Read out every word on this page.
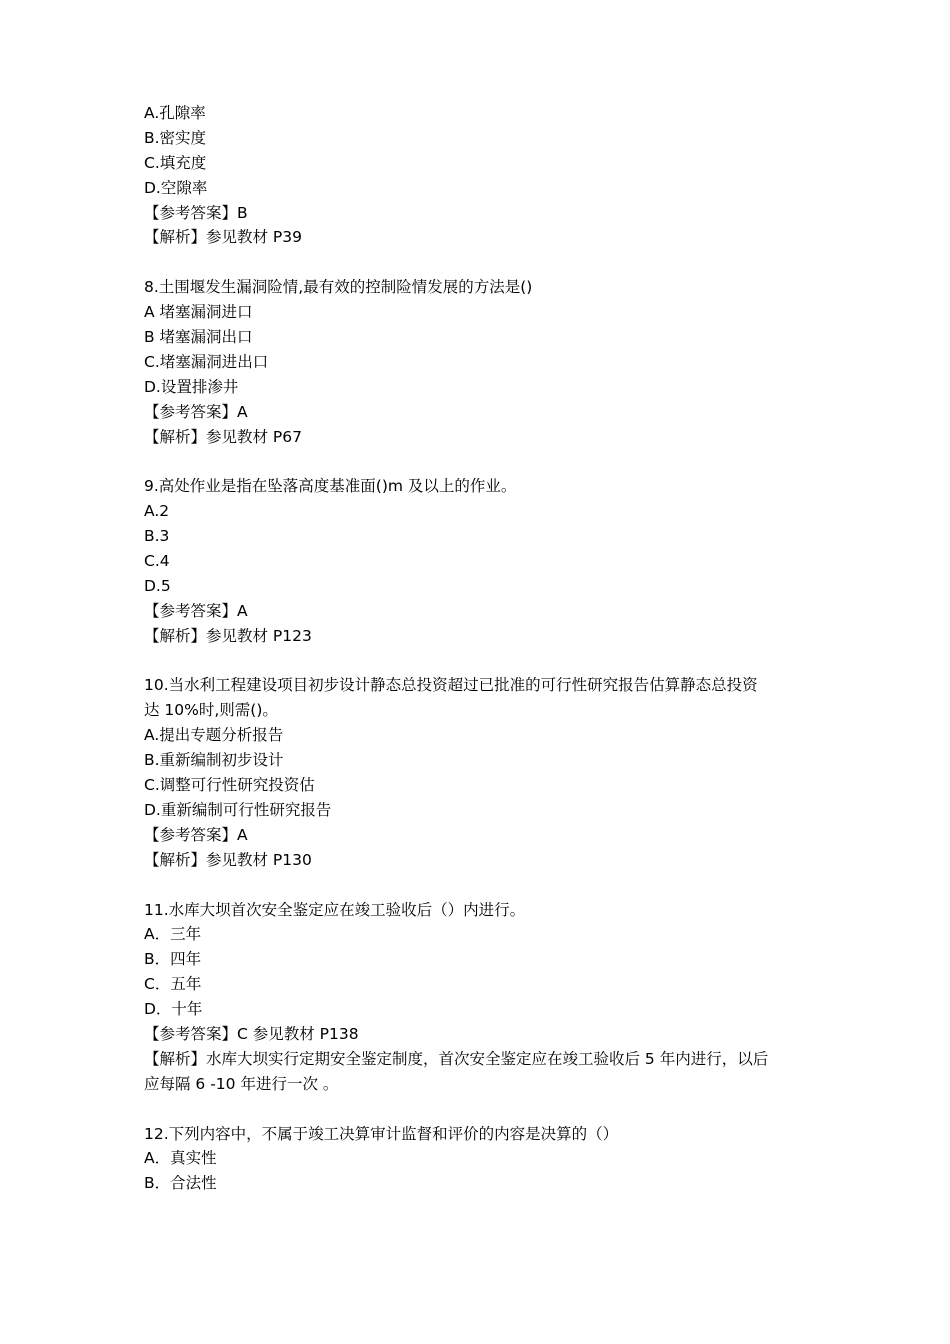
A.孔隙率
B.密实度
C.填充度
D.空隙率
【参考答案】B
【解析】参见教材 P39
8.土围堰发生漏洞险情,最有效的控制险情发展的方法是()
A 堵塞漏洞进口
B 堵塞漏洞出口
C.堵塞漏洞进出口
D.设置排渗井
【参考答案】A
【解析】参见教材 P67
9.高处作业是指在坠落高度基准面()m 及以上的作业。
A.2
B.3
C.4
D.5
【参考答案】A
【解析】参见教材 P123
10.当水利工程建设项目初步设计静态总投资超过已批准的可行性研究报告估算静态总投资
达 10%时,则需()。
A.提出专题分析报告
B.重新编制初步设计
C.调整可行性研究投资估
D.重新编制可行性研究报告
【参考答案】A
【解析】参见教材 P130
11.水库大坝首次安全鉴定应在竣工验收后（）内进行。
A．三年
B．四年
C．五年
D．十年
【参考答案】C 参见教材 P138
【解析】水库大坝实行定期安全鉴定制度，首次安全鉴定应在竣工验收后 5 年内进行，以后
应每隔 6 -10 年进行一次 。
12.下列内容中，不属于竣工决算审计监督和评价的内容是决算的（）
A．真实性
B．合法性
